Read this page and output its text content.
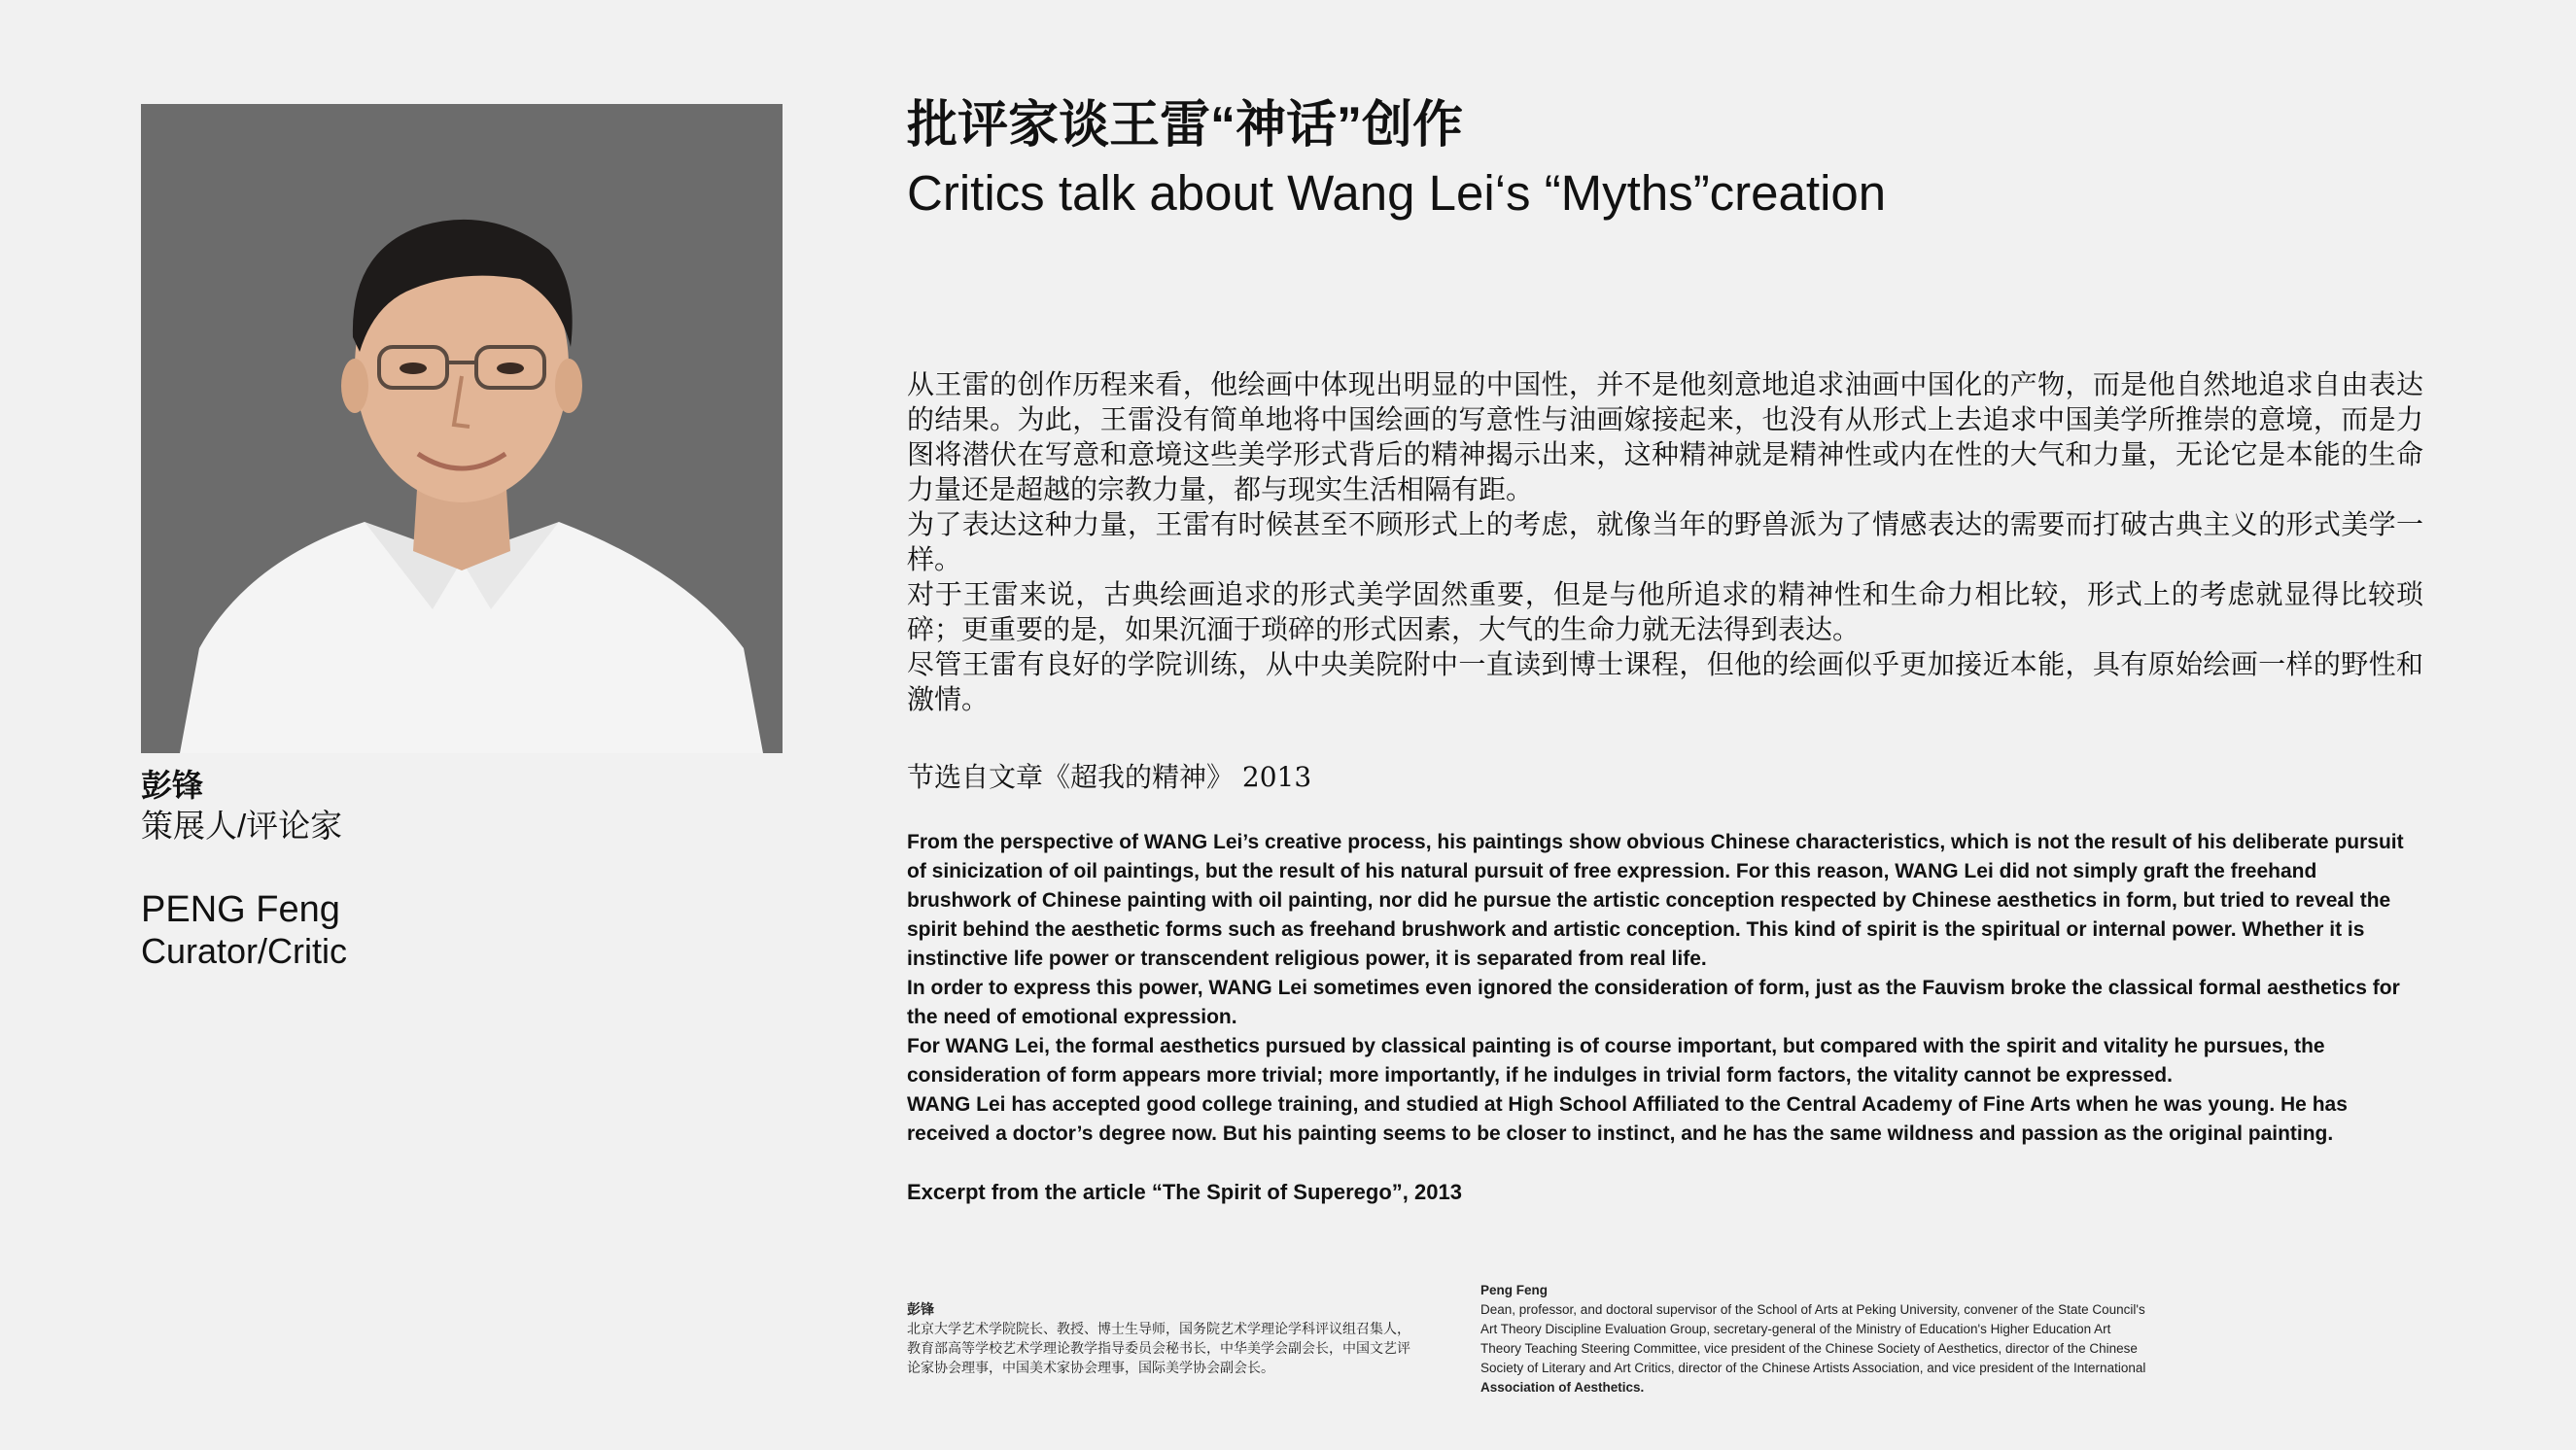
彭锋
策展人/评论家
PENG Feng
Curator/Critic
批评家谈王雷“神话”创作
Critics talk about Wang Lei‘s “Myths”creation

从王雷的创作历程来看，他绘画中体现出明显的中国性，并不是他刻意地追求油画中国化的产物，而是他自然地追求自由表达的结果。为此，王雷没有简单地将中国绘画的写意性与油画嫁接起来，也没有从形式上去追求中国美学所推崇的意境，而是力图将潜伏在写意和意境这些美学形式背后的精神揭示出来，这种精神就是精神性或内在性的大气和力量，无论它是本能的生命力量还是超越的宗教力量，都与现实生活相隔有距。

为了表达这种力量，王雷有时候甚至不顾形式上的考虑，就像当年的野兽派为了情感表达的需要而打破古典主义的形式美学一样。

对于王雷来说，古典绘画追求的形式美学固然重要，但是与他所追求的精神性和生命力相比较，形式上的考虑就显得比较琐碎；更重要的是，如果沉湎于琐碎的形式因素，大气的生命力就无法得到表达。

尽管王雷有良好的学院训练，从中央美院附中一直读到博士课程，但他的绘画似乎更加接近本能，具有原始绘画一样的野性和激情。

节选自文章《超我的精神》 2013

From the perspective of WANG Lei’s creative process, his paintings show obvious Chinese characteristics, which is not the result of his deliberate pursuit of sinicization of oil paintings, but the result of his natural pursuit of free expression. For this reason, WANG Lei did not simply graft the freehand brushwork of Chinese painting with oil painting, nor did he pursue the artistic conception respected by Chinese aesthetics in form, but tried to reveal the spirit behind the aesthetic forms such as freehand brushwork and artistic conception. This kind of spirit is the spiritual or internal power. Whether it is instinctive life power or transcendent religious power, it is separated from real life.

In order to express this power, WANG Lei sometimes even ignored the consideration of form, just as the Fauvism broke the classical formal aesthetics for the need of emotional expression.

For WANG Lei, the formal aesthetics pursued by classical painting is of course important, but compared with the spirit and vitality he pursues, the consideration of form appears more trivial; more importantly, if he indulges in trivial form factors, the vitality cannot be expressed.

WANG Lei has accepted good college training, and studied at High School Affiliated to the Central Academy of Fine Arts when he was young. He has received a doctor’s degree now. But his painting seems to be closer to instinct, and he has the same wildness and passion as the original painting.

Excerpt from the article “The Spirit of Superego”, 2013
彭锋
北京大学艺术学院院长、教授、博士生导师，国务院艺术学理论学科评议组召集人，教育部高等学校艺术学理论教学指导委员会秘书长，中华美学会副会长，中国文艺评论家协会理事，中国美术家协会理事，国际美学协会副会长。
Peng Feng
Dean, professor, and doctoral supervisor of the School of Arts at Peking University, convener of the State Council's Art Theory Discipline Evaluation Group, secretary-general of the Ministry of Education's Higher Education Art Theory Teaching Steering Committee, vice president of the Chinese Society of Aesthetics, director of the Chinese Society of Literary and Art Critics, director of the Chinese Artists Association, and vice president of the International Association of Aesthetics.
